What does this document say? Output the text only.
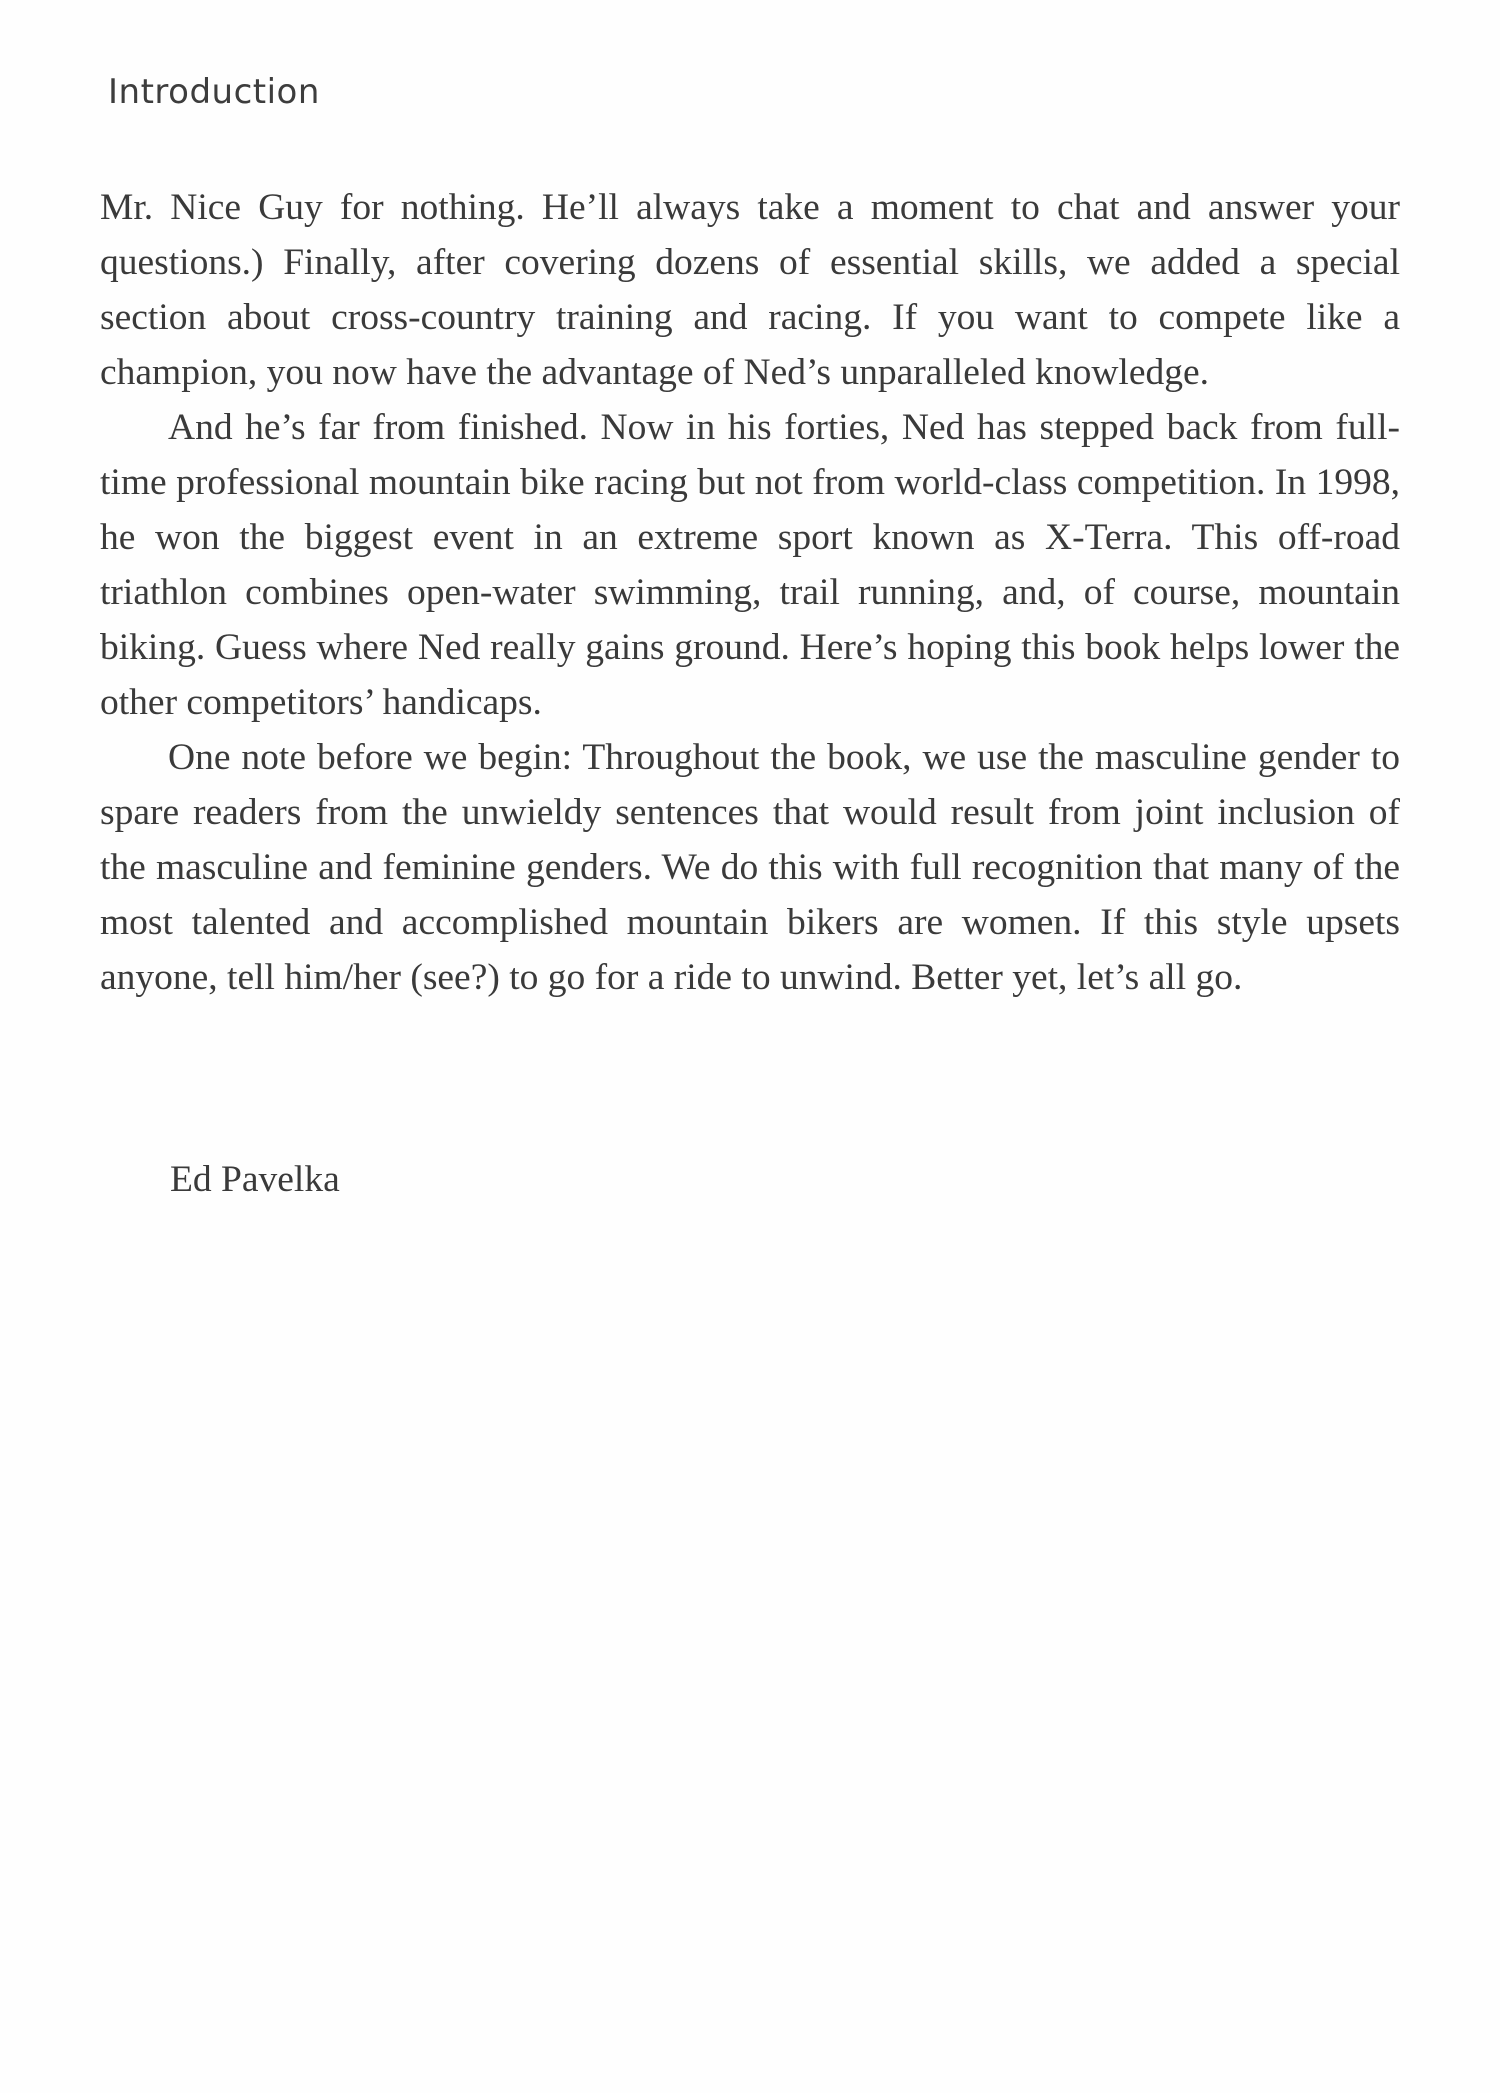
Introduction

Mr. Nice Guy for nothing. He’ll always take a moment to chat and answer your questions.) Finally, after covering dozens of essential skills, we added a special section about cross-country training and racing. If you want to compete like a champion, you now have the advantage of Ned’s unparalleled knowledge.

And he’s far from finished. Now in his forties, Ned has stepped back from full-time professional mountain bike racing but not from world-class competition. In 1998, he won the biggest event in an extreme sport known as X-Terra. This off-road triathlon combines open-water swimming, trail running, and, of course, mountain biking. Guess where Ned really gains ground. Here’s hoping this book helps lower the other competitors’ handicaps.

One note before we begin: Throughout the book, we use the masculine gender to spare readers from the unwieldy sentences that would result from joint inclusion of the masculine and feminine genders. We do this with full recognition that many of the most talented and accomplished mountain bikers are women. If this style upsets anyone, tell him/her (see?) to go for a ride to unwind. Better yet, let’s all go.

Ed Pavelka
